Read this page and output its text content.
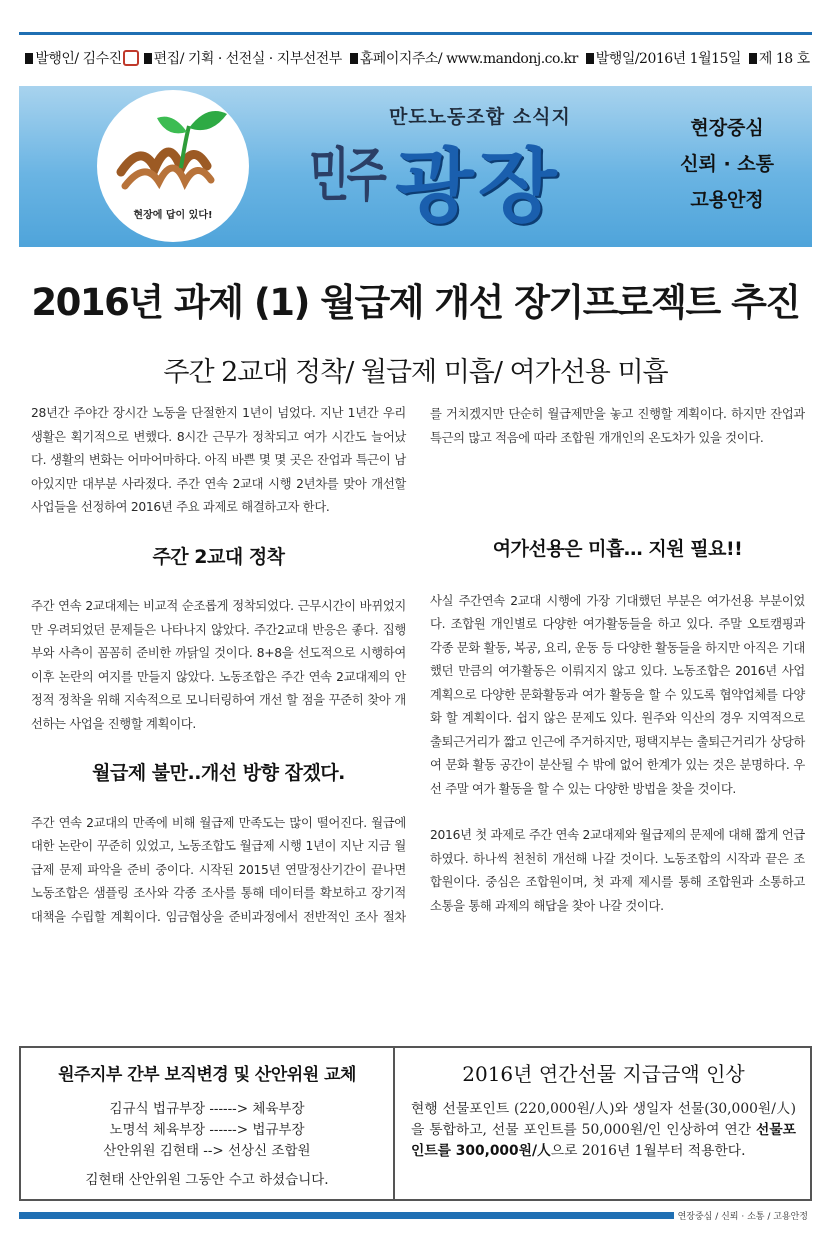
발행인/ 김수진 편집/ 기획 · 선전실 · 지부선전부 홈페이지주소/ www.mandonj.co.kr 발행일/2016년 1월15일 제 18 호
현장에 답이 있다!
만도노동조합 소식지
민주 광장
현장중심
신뢰 · 소통
고용안정
2016년 과제 (1) 월급제 개선 장기프로젝트 추진
주간 2교대 정착/ 월급제 미흡/ 여가선용 미흡

28년간 주야간 장시간 노동을 단절한지 1년이 넘었다. 지난 1년간 우리 생활은 획기적으로 변했다. 8시간 근무가 정착되고 여가 시간도 늘어났다. 생활의 변화는 어마어마하다. 아직 바쁜 몇 몇 곳은 잔업과 특근이 남아있지만 대부분 사라졌다. 주간 연속 2교대 시행 2년차를 맞아 개선할 사업들을 선정하여 2016년 주요 과제로 해결하고자 한다.

주간 2교대 정착

주간 연속 2교대제는 비교적 순조롭게 정착되었다. 근무시간이 바뀌었지만 우려되었던 문제들은 나타나지 않았다. 주간2교대 반응은 좋다. 집행부와 사측이 꼼꼼히 준비한 까닭일 것이다. 8+8을 선도적으로 시행하여 이후 논란의 여지를 만들지 않았다. 노동조합은 주간 연속 2교대제의 안정적 정착을 위해 지속적으로 모니터링하여 개선 할 점을 꾸준히 찾아 개선하는 사업을 진행할 계획이다.

월급제 불만..개선 방향 잡겠다.

주간 연속 2교대의 만족에 비해 월급제 만족도는 많이 떨어진다. 월급에 대한 논란이 꾸준히 있었고, 노동조합도 월급제 시행 1년이 지난 지금 월급제 문제 파악을 준비 중이다. 시작된 2015년 연말정산기간이 끝나면 노동조합은 샘플링 조사와 각종 조사를 통해 데이터를 확보하고 장기적 대책을 수립할 계획이다. 임금협상을 준비과정에서 전반적인 조사 절차

를 거치겠지만 단순히 월급제만을 놓고 진행할 계획이다. 하지만 잔업과 특근의 많고 적음에 따라 조합원 개개인의 온도차가 있을 것이다.

여가선용은 미흡… 지원 필요!!

사실 주간연속 2교대 시행에 가장 기대했던 부분은 여가선용 부분이었다. 조합원 개인별로 다양한 여가활동들을 하고 있다. 주말 오토캠핑과 각종 문화 활동, 복공, 요리, 운동 등 다양한 활동들을 하지만 아직은 기대했던 만큼의 여가활동은 이뤄지지 않고 있다. 노동조합은 2016년 사업계획으로 다양한 문화활동과 여가 활동을 할 수 있도록 협약업체를 다양화 할 계획이다. 쉽지 않은 문제도 있다. 원주와 익산의 경우 지역적으로 출퇴근거리가 짧고 인근에 주거하지만, 평택지부는 출퇴근거리가 상당하여 문화 활동 공간이 분산될 수 밖에 없어 한계가 있는 것은 분명하다. 우선 주말 여가 활동을 할 수 있는 다양한 방법을 찾을 것이다.

2016년 첫 과제로 주간 연속 2교대제와 월급제의 문제에 대해 짧게 언급하였다. 하나씩 천천히 개선해 나갈 것이다. 노동조합의 시작과 끝은 조합원이다. 중심은 조합원이며, 첫 과제 제시를 통해 조합원과 소통하고 소통을 통해 과제의 해답을 찾아 나갈 것이다.

원주지부 간부 보직변경 및 산안위원 교체
김규식 법규부장 ------> 체육부장
노명석 체육부장 ------> 법규부장
산안위원 김현태 --> 선상신 조합원
김현태 산안위원 그동안 수고 하셨습니다.
2016년 연간선물 지급금액 인상

현행 선물포인트 (220,000원/人)와 생일자 선물(30,000원/人)을 통합하고, 선물 포인트를 50,000원/인 인상하여 연간 선물포인트를 300,000원/人으로 2016년 1월부터 적용한다.

연장중심 / 신뢰 · 소통 / 고용안정
